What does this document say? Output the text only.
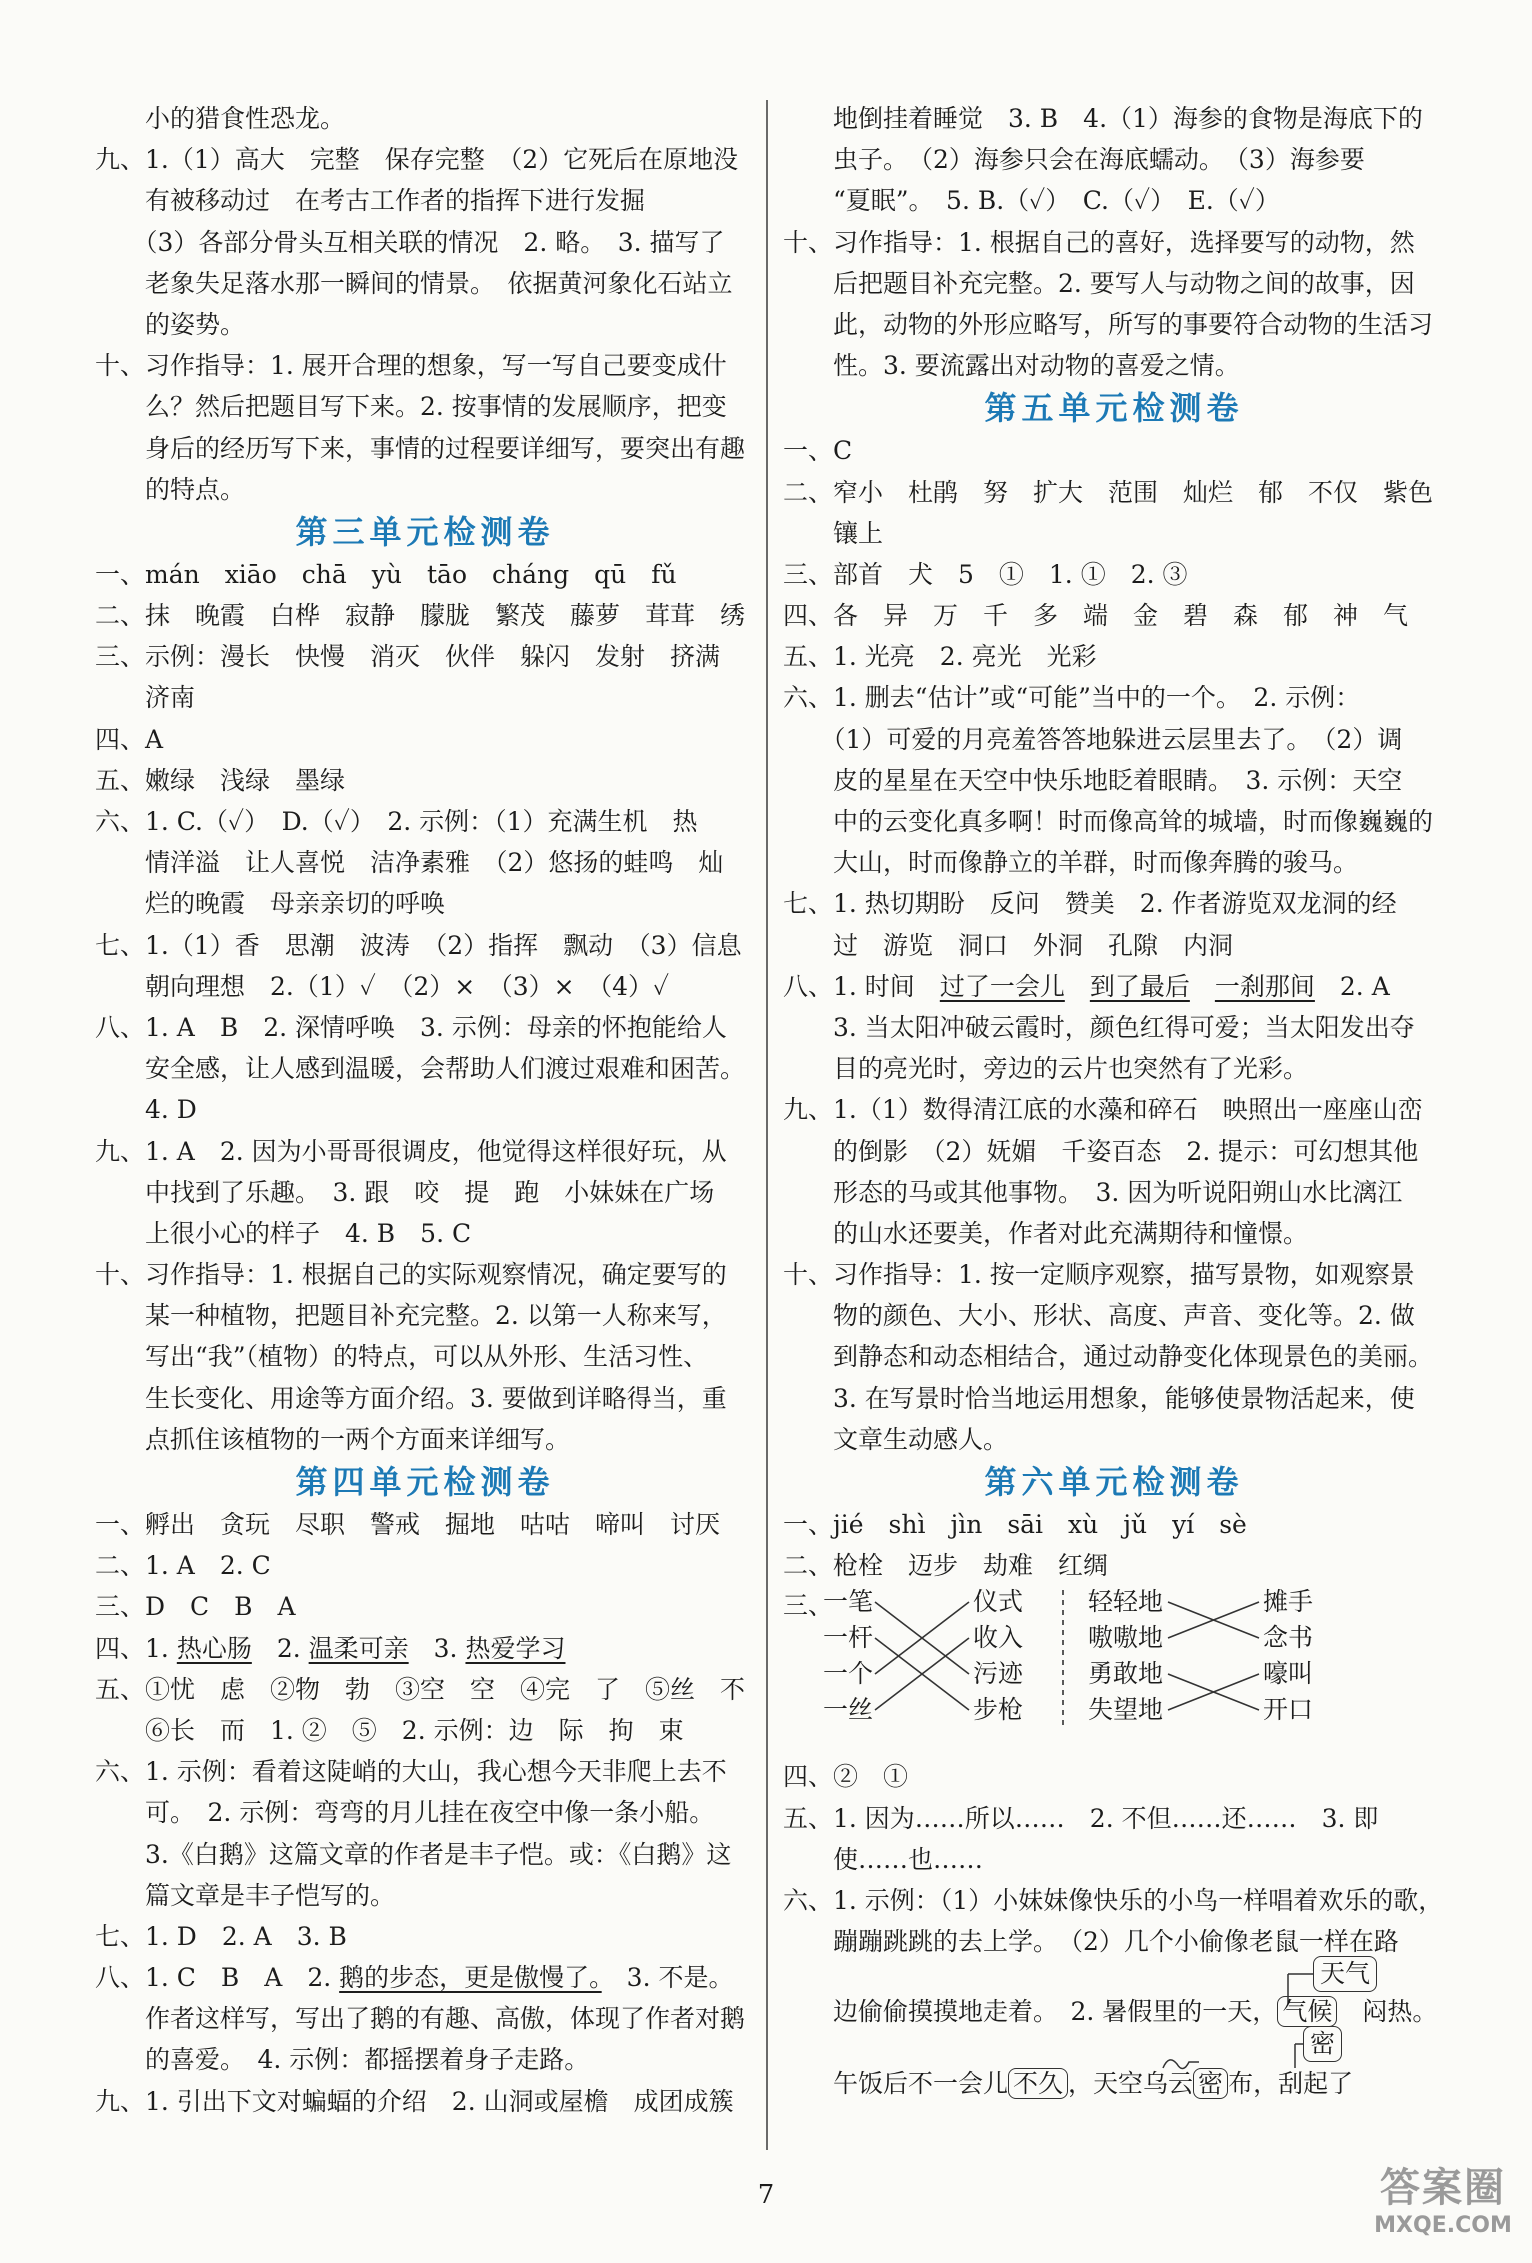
　　小的猎食性恐龙。
九、1.（1）高大　完整　保存完整　（2）它死后在原地没
　　有被移动过　在考古工作者的指挥下进行发掘
　　（3）各部分骨头互相关联的情况　2. 略。　3. 描写了
　　老象失足落水那一瞬间的情景。　依据黄河象化石站立
　　的姿势。
十、习作指导：1. 展开合理的想象，写一写自己要变成什
　　么？然后把题目写下来。2. 按事情的发展顺序，把变
　　身后的经历写下来，事情的过程要详细写，要突出有趣
　　的特点。
第三单元检测卷
一、mán　xiāo　chā　yù　tāo　cháng　qū　fǔ
二、抹　晚霞　白桦　寂静　朦胧　繁茂　藤萝　茸茸　绣
三、示例：漫长　快慢　消灭　伙伴　躲闪　发射　挤满
　　济南
四、A
五、嫩绿　浅绿　墨绿
六、1. C.（✓）　D.（✓）　2. 示例：（1）充满生机　热
　　情洋溢　让人喜悦　洁净素雅　（2）悠扬的蛙鸣　灿
　　烂的晚霞　母亲亲切的呼唤
七、1.（1）香　思潮　波涛　（2）指挥　飘动　（3）信息
　　朝向理想　2.（1）✓　（2）×　（3）×　（4）✓
八、1. A　B　2. 深情呼唤　3. 示例：母亲的怀抱能给人
　　安全感，让人感到温暖，会帮助人们渡过艰难和困苦。
　　4. D
九、1. A　2. 因为小哥哥很调皮，他觉得这样很好玩，从
　　中找到了乐趣。　3. 跟　咬　提　跑　小妹妹在广场
　　上很小心的样子　4. B　5. C
十、习作指导：1. 根据自己的实际观察情况，确定要写的
　　某一种植物，把题目补充完整。2. 以第一人称来写，
　　写出“我”（植物）的特点，可以从外形、生活习性、
　　生长变化、用途等方面介绍。3. 要做到详略得当，重
　　点抓住该植物的一两个方面来详细写。
第四单元检测卷
一、孵出　贪玩　尽职　警戒　掘地　咕咕　啼叫　讨厌
二、1. A　2. C
三、D　C　B　A
四、1. 热心肠　2. 温柔可亲　3. 热爱学习
五、①忧　虑　②物　勃　③空　空　④完　了　⑤丝　不
　　⑥长　而　1. ②　⑤　2. 示例：边　际　拘　束
六、1. 示例：看着这陡峭的大山，我心想今天非爬上去不
　　可。　2. 示例：弯弯的月儿挂在夜空中像一条小船。
　　3.《白鹅》这篇文章的作者是丰子恺。或：《白鹅》这
　　篇文章是丰子恺写的。
七、1. D　2. A　3. B
八、1. C　B　A　2. 鹅的步态，更是傲慢了。　3. 不是。
　　作者这样写，写出了鹅的有趣、高傲，体现了作者对鹅
　　的喜爱。　4. 示例：都摇摆着身子走路。
九、1. 引出下文对蝙蝠的介绍　2. 山洞或屋檐　成团成簇
　　地倒挂着睡觉　3. B　4.（1）海参的食物是海底下的
　　虫子。　（2）海参只会在海底蠕动。　（3）海参要
　　“夏眠”。　5. B.（✓）　C.（✓）　E.（✓）
十、习作指导：1. 根据自己的喜好，选择要写的动物，然
　　后把题目补充完整。2. 要写人与动物之间的故事，因
　　此，动物的外形应略写，所写的事要符合动物的生活习
　　性。3. 要流露出对动物的喜爱之情。
第五单元检测卷
一、C
二、窄小　杜鹃　努　扩大　范围　灿烂　郁　不仅　紫色
　　镶上
三、部首　犬　5　①　1. ①　2. ③
四、各　异　万　千　多　端　金　碧　森　郁　神　气
五、1. 光亮　2. 亮光　光彩
六、1. 删去“估计”或“可能”当中的一个。　2. 示例：
　　（1）可爱的月亮羞答答地躲进云层里去了。　（2）调
　　皮的星星在天空中快乐地眨着眼睛。　3. 示例：天空
　　中的云变化真多啊！时而像高耸的城墙，时而像巍巍的
　　大山，时而像静立的羊群，时而像奔腾的骏马。
七、1. 热切期盼　反问　赞美　2. 作者游览双龙洞的经
　　过　游览　洞口　外洞　孔隙　内洞
八、1. 时间　过了一会儿　 到了最后　 一刹那间　2. A
　　3. 当太阳冲破云霞时，颜色红得可爱；当太阳发出夺
　　目的亮光时，旁边的云片也突然有了光彩。
九、1.（1）数得清江底的水藻和碎石　映照出一座座山峦
　　的倒影　（2）妩媚　千姿百态　2. 提示：可幻想其他
　　形态的马或其他事物。　3. 因为听说阳朔山水比漓江
　　的山水还要美，作者对此充满期待和憧憬。
十、习作指导：1. 按一定顺序观察，描写景物，如观察景
　　物的颜色、大小、形状、高度、声音、变化等。2. 做
　　到静态和动态相结合，通过动静变化体现景色的美丽。
　　3. 在写景时恰当地运用想象，能够使景物活起来，使
　　文章生动感人。
第六单元检测卷
一、jié　shì　jìn　sāi　xù　jǔ　yí　sè
二、枪栓　迈步　劫难　红绸
三、
一笔
一杆
一个
一丝
仪式
收入
污迹
步枪
轻轻地
嗷嗷地
勇敢地
失望地
摊手
念书
嚎叫
开口
四、②　①
五、1. 因为……所以……　2. 不但……还……　3. 即
　　使……也……
六、1. 示例：（1）小妹妹像快乐的小鸟一样唱着欢乐的歌，
　　蹦蹦跳跳的去上学。　（2）几个小偷像老鼠一样在路
天气
　　边偷偷摸摸地走着。　2. 暑假里的一天， 气候　 闷热。
密
　　午饭后不一会儿 不久 ，天空乌云 密 布，刮起了
7	答案圈
MXQE.COM
